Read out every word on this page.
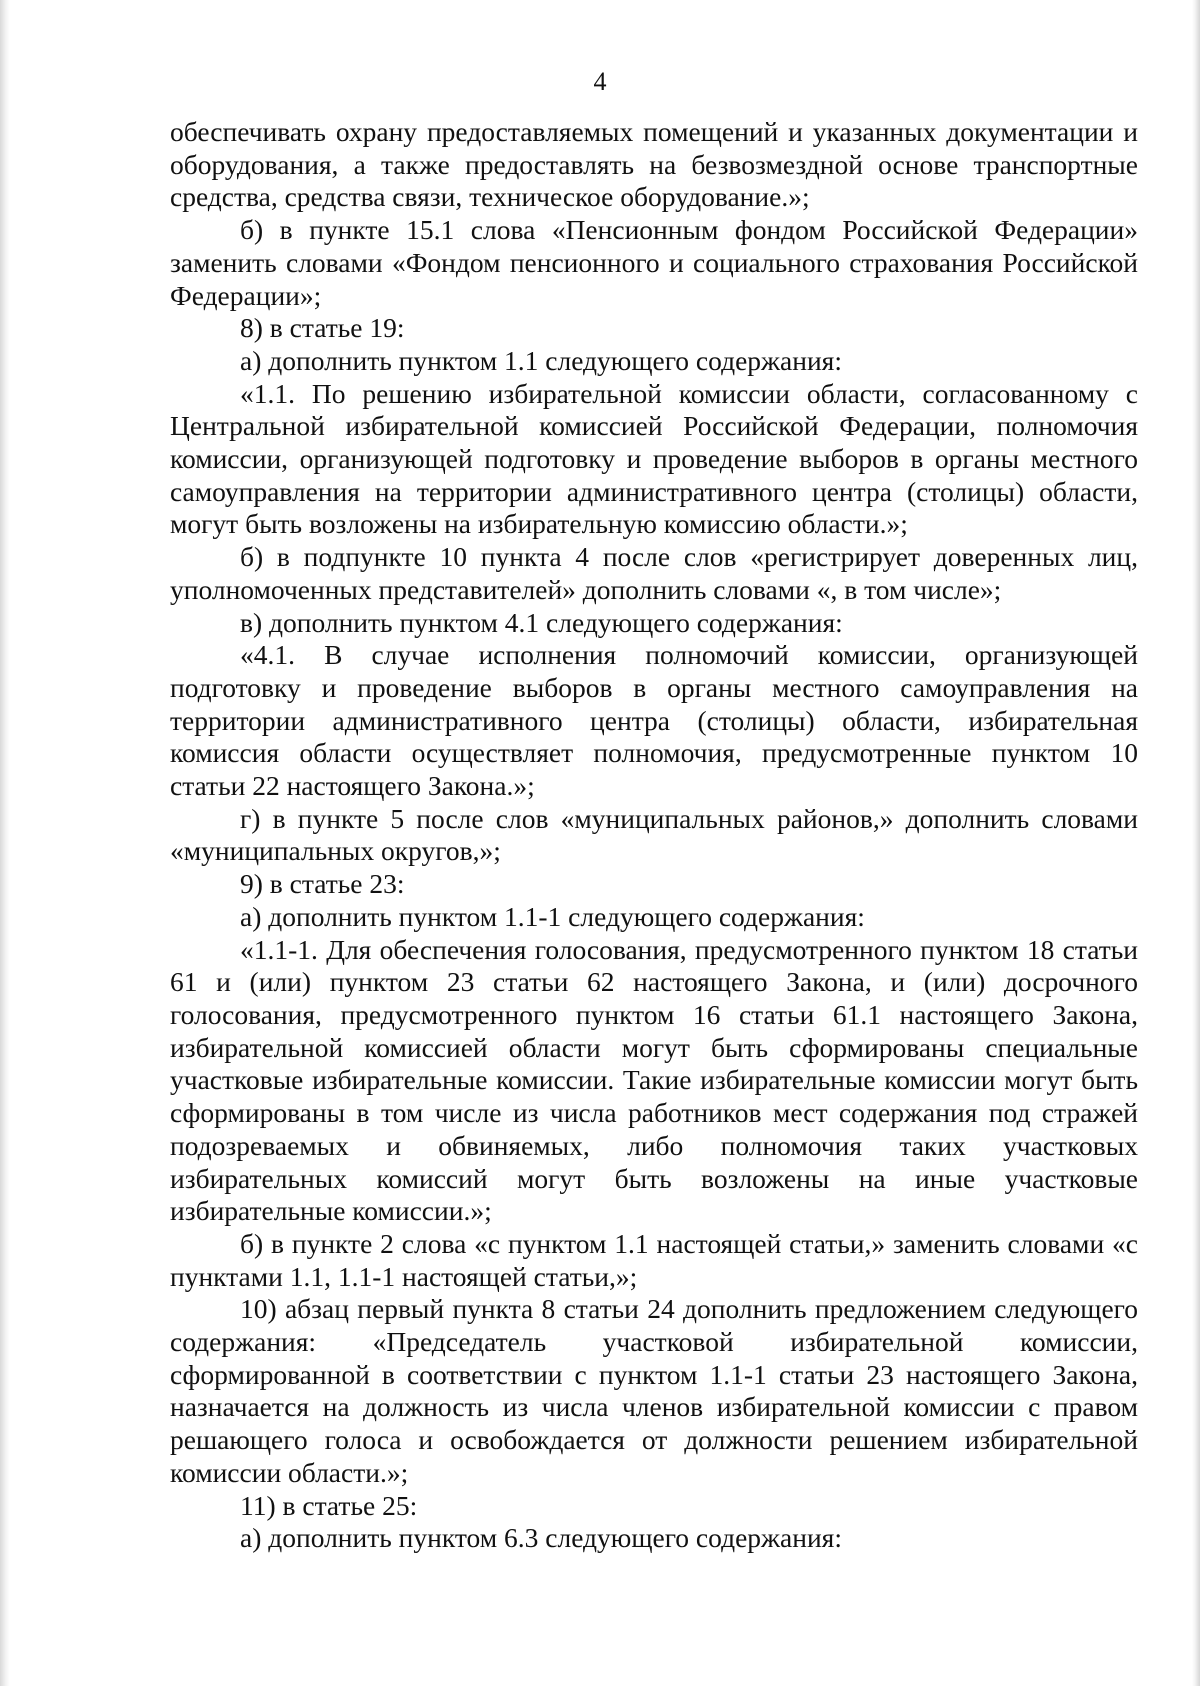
4

обеспечивать охрану предоставляемых помещений и указанных документации и оборудования, а также предоставлять на безвозмездной основе транспортные средства, средства связи, техническое оборудование.»;

б) в пункте 15.1 слова «Пенсионным фондом Российской Федерации» заменить словами «Фондом пенсионного и социального страхования Российской Федерации»;

8) в статье 19:

а) дополнить пунктом 1.1 следующего содержания:

«1.1. По решению избирательной комиссии области, согласованному с Центральной избирательной комиссией Российской Федерации, полномочия комиссии, организующей подготовку и проведение выборов в органы местного самоуправления на территории административного центра (столицы) области, могут быть возложены на избирательную комиссию области.»;

б) в подпункте 10 пункта 4 после слов «регистрирует доверенных лиц, уполномоченных представителей» дополнить словами «, в том числе»;

в) дополнить пунктом 4.1 следующего содержания:

«4.1. В случае исполнения полномочий комиссии, организующей подготовку и проведение выборов в органы местного самоуправления на территории административного центра (столицы) области, избирательная комиссия области осуществляет полномочия, предусмотренные пунктом 10 статьи 22 настоящего Закона.»;

г) в пункте 5 после слов «муниципальных районов,» дополнить словами «муниципальных округов,»;

9) в статье 23:

а) дополнить пунктом 1.1-1 следующего содержания:

«1.1-1. Для обеспечения голосования, предусмотренного пунктом 18 статьи 61 и (или) пунктом 23 статьи 62 настоящего Закона, и (или) досрочного голосования, предусмотренного пунктом 16 статьи 61.1 настоящего Закона, избирательной комиссией области могут быть сформированы специальные участковые избирательные комиссии. Такие избирательные комиссии могут быть сформированы в том числе из числа работников мест содержания под стражей подозреваемых и обвиняемых, либо полномочия таких участковых избирательных комиссий могут быть возложены на иные участковые избирательные комиссии.»;

б) в пункте 2 слова «с пунктом 1.1 настоящей статьи,» заменить словами «с пунктами 1.1, 1.1-1 настоящей статьи,»;

10) абзац первый пункта 8 статьи 24 дополнить предложением следующего содержания: «Председатель участковой избирательной комиссии, сформированной в соответствии с пунктом 1.1-1 статьи 23 настоящего Закона, назначается на должность из числа членов избирательной комиссии с правом решающего голоса и освобождается от должности решением избирательной комиссии области.»;

11) в статье 25:

а) дополнить пунктом 6.3 следующего содержания:
